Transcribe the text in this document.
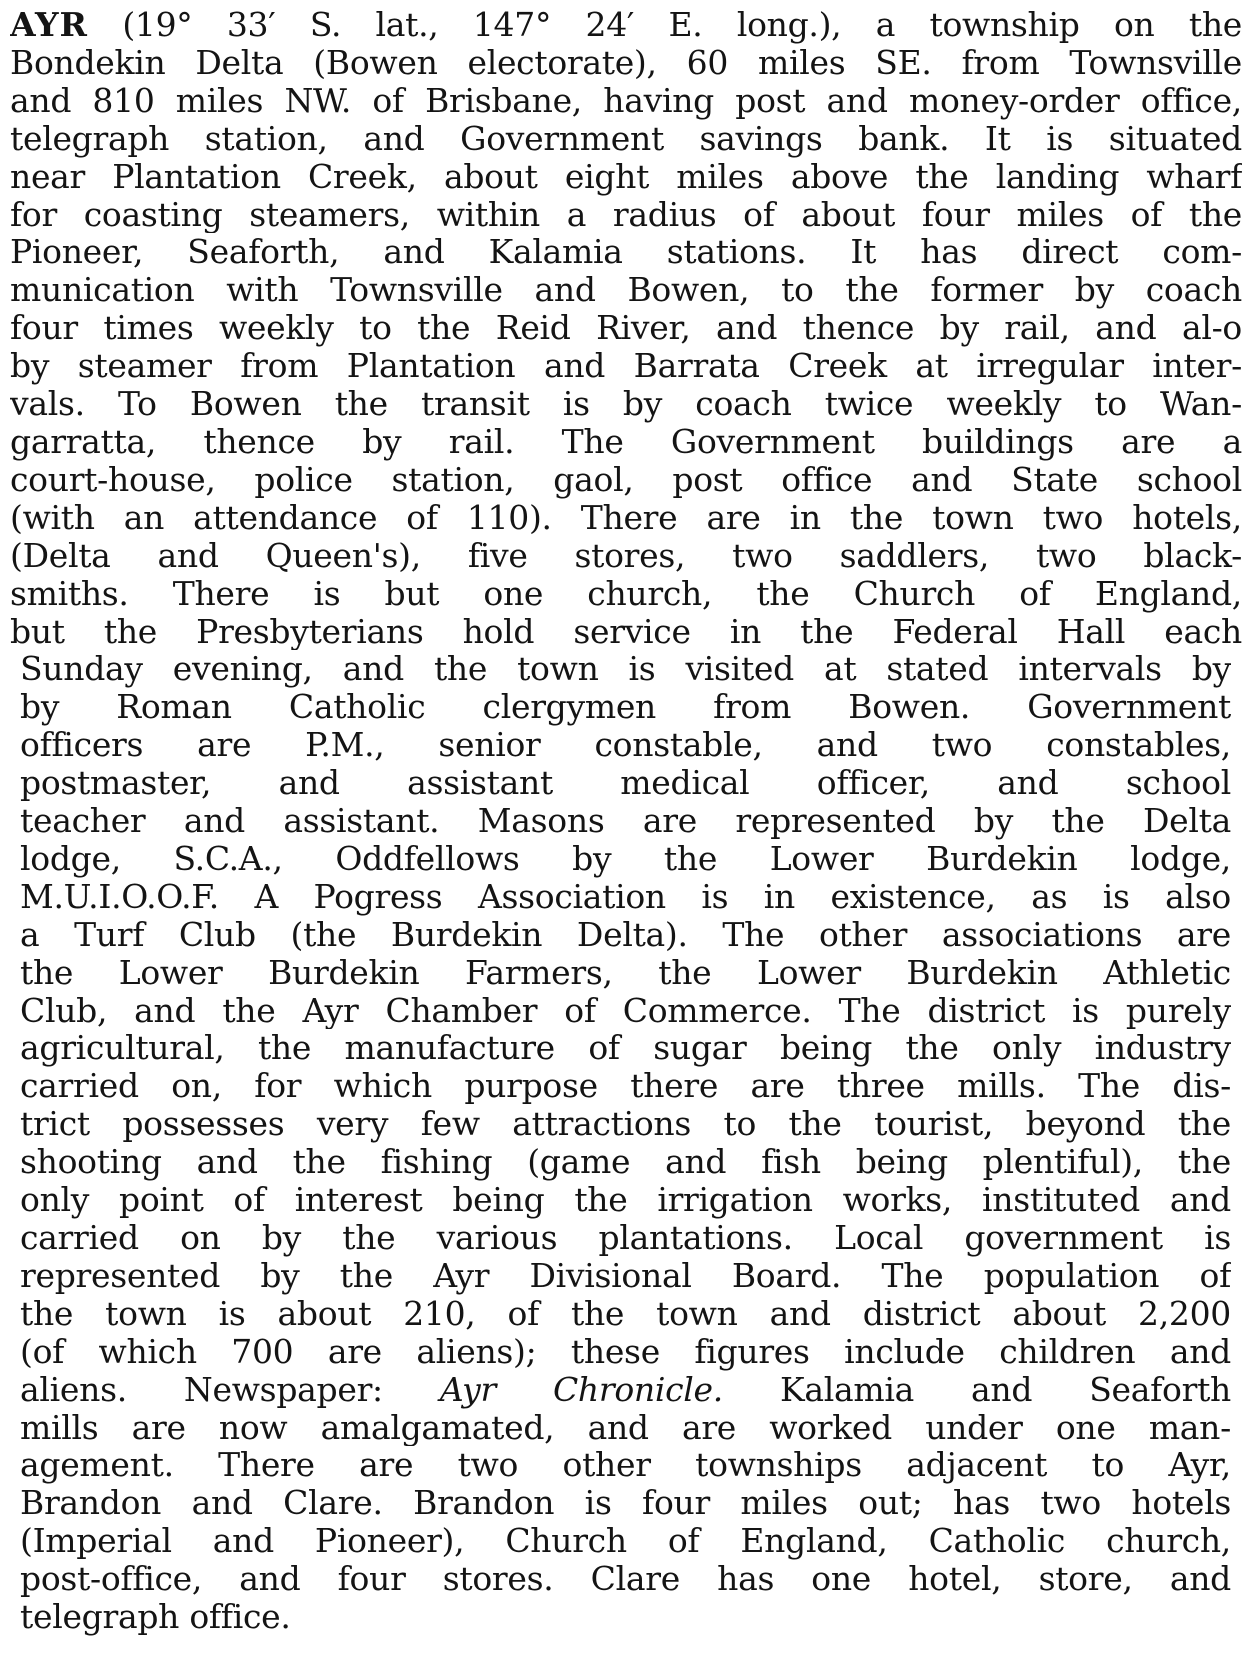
AYR (19° 33′ S. lat., 147° 24′ E. long.), a township on the
Bondekin Delta (Bowen electorate), 60 miles SE. from Townsville
and 810 miles NW. of Brisbane, having post and money-order office,
telegraph station, and Government savings bank. It is situated
near Plantation Creek, about eight miles above the landing wharf
for coasting steamers, within a radius of about four miles of the
Pioneer, Seaforth, and Kalamia stations. It has direct com-
munication with Townsville and Bowen, to the former by coach
four times weekly to the Reid River, and thence by rail, and al-o
by steamer from Plantation and Barrata Creek at irregular inter-
vals. To Bowen the transit is by coach twice weekly to Wan-
garratta, thence by rail. The Government buildings are a
court-house, police station, gaol, post office and State school
(with an attendance of 110). There are in the town two hotels,
(Delta and Queen's), five stores, two saddlers, two black-
smiths. There is but one church, the Church of England,
but the Presbyterians hold service in the Federal Hall each
Sunday evening, and the town is visited at stated intervals by
by Roman Catholic clergymen from Bowen. Government
officers are P.M., senior constable, and two constables,
postmaster, and assistant medical officer, and school
teacher and assistant. Masons are represented by the Delta
lodge, S.C.A., Oddfellows by the Lower Burdekin lodge,
M.U.I.O.O.F. A Pogress Association is in existence, as is also
a Turf Club (the Burdekin Delta). The other associations are
the Lower Burdekin Farmers, the Lower Burdekin Athletic
Club, and the Ayr Chamber of Commerce. The district is purely
agricultural, the manufacture of sugar being the only industry
carried on, for which purpose there are three mills. The dis-
trict possesses very few attractions to the tourist, beyond the
shooting and the fishing (game and fish being plentiful), the
only point of interest being the irrigation works, instituted and
carried on by the various plantations. Local government is
represented by the Ayr Divisional Board. The population of
the town is about 210, of the town and district about 2,200
(of which 700 are aliens); these figures include children and
aliens. Newspaper: Ayr Chronicle. Kalamia and Seaforth
mills are now amalgamated, and are worked under one man-
agement. There are two other townships adjacent to Ayr,
Brandon and Clare. Brandon is four miles out; has two hotels
(Imperial and Pioneer), Church of England, Catholic church,
post-office, and four stores. Clare has one hotel, store, and
telegraph office.
